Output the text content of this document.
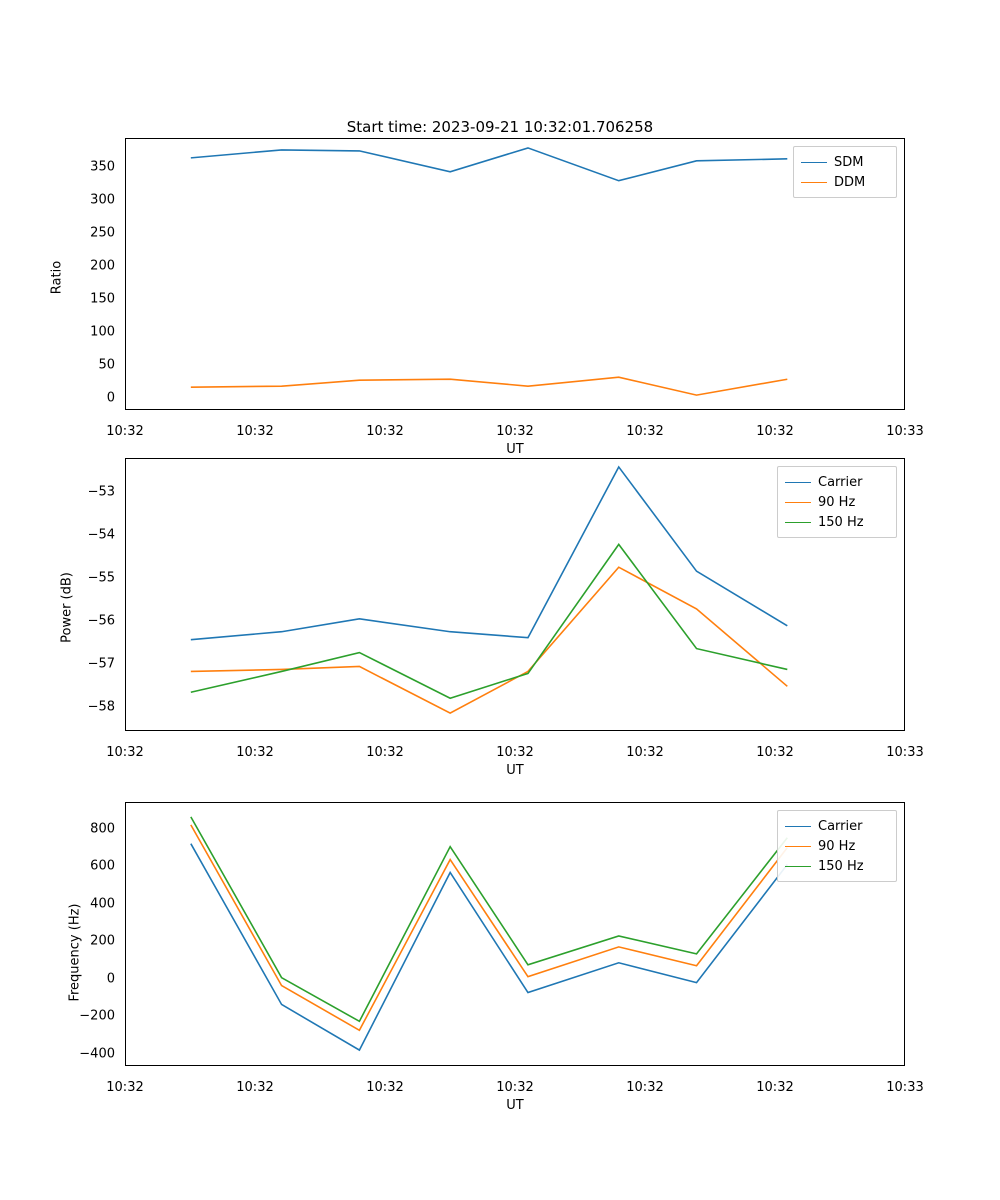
Start time: 2023-09-21 10:32:01.706258
Ratio
0
50
100
150
200
250
300
350
10:32	10:32	10:32	10:32	10:32	10:32	10:33
UT
SDM
DDM
Power (dB)
−58
−57
−56
−55
−54
−53
10:32	10:32	10:32	10:32	10:32	10:32	10:33
UT
Carrier
90 Hz
150 Hz
Frequency (Hz)
−400
−200
0
200
400
600
800
10:32	10:32	10:32	10:32	10:32	10:32	10:33
UT
Carrier
90 Hz
150 Hz
